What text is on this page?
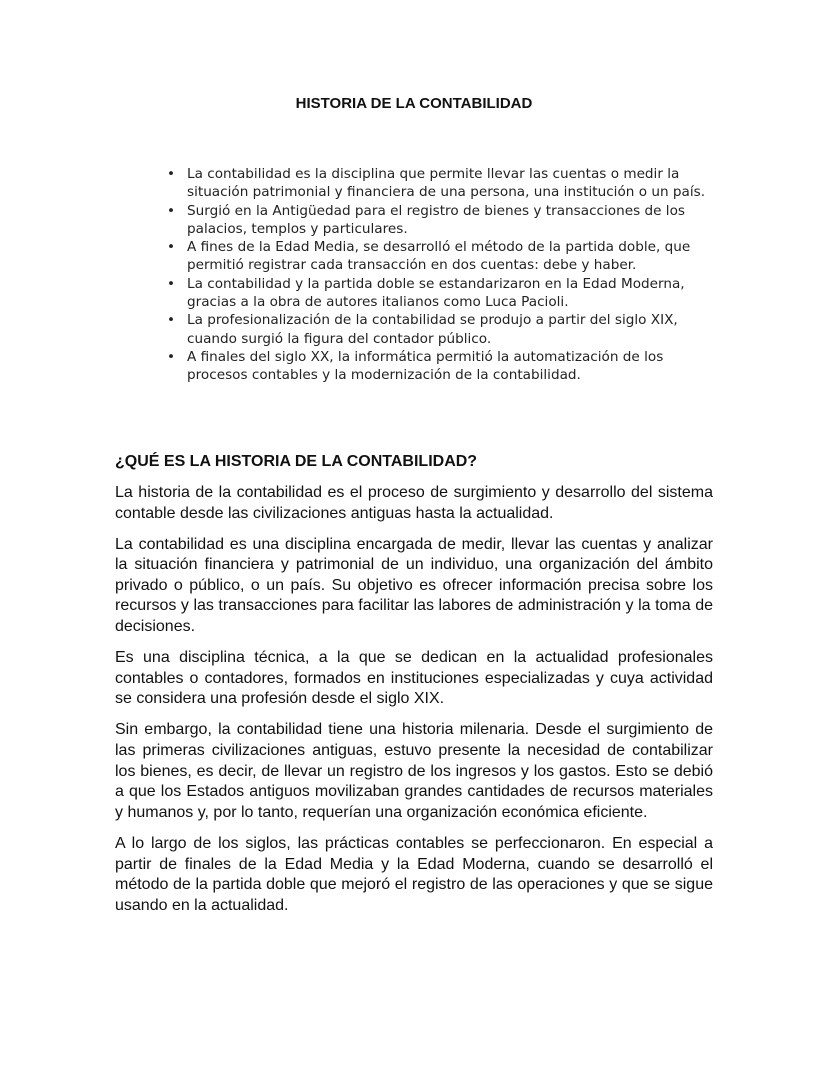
HISTORIA DE LA CONTABILIDAD
• La contabilidad es la disciplina que permite llevar las cuentas o medir la situación patrimonial y financiera de una persona, una institución o un país.
• Surgió en la Antigüedad para el registro de bienes y transacciones de los palacios, templos y particulares.
• A fines de la Edad Media, se desarrolló el método de la partida doble, que permitió registrar cada transacción en dos cuentas: debe y haber.
• La contabilidad y la partida doble se estandarizaron en la Edad Moderna, gracias a la obra de autores italianos como Luca Pacioli.
• La profesionalización de la contabilidad se produjo a partir del siglo XIX, cuando surgió la figura del contador público.
• A finales del siglo XX, la informática permitió la automatización de los procesos contables y la modernización de la contabilidad.
¿QUÉ ES LA HISTORIA DE LA CONTABILIDAD?

La historia de la contabilidad es el proceso de surgimiento y desarrollo del sistema
contable desde las civilizaciones antiguas hasta la actualidad.

La contabilidad es una disciplina encargada de medir, llevar las cuentas y analizar
la situación financiera y patrimonial de un individuo, una organización del ámbito
privado o público, o un país. Su objetivo es ofrecer información precisa sobre los
recursos y las transacciones para facilitar las labores de administración y la toma de
decisiones.

Es una disciplina técnica, a la que se dedican en la actualidad profesionales
contables o contadores, formados en instituciones especializadas y cuya actividad
se considera una profesión desde el siglo XIX.

Sin embargo, la contabilidad tiene una historia milenaria. Desde el surgimiento de
las primeras civilizaciones antiguas, estuvo presente la necesidad de contabilizar
los bienes, es decir, de llevar un registro de los ingresos y los gastos. Esto se debió
a que los Estados antiguos movilizaban grandes cantidades de recursos materiales
y humanos y, por lo tanto, requerían una organización económica eficiente.

A lo largo de los siglos, las prácticas contables se perfeccionaron. En especial a
partir de finales de la Edad Media y la Edad Moderna, cuando se desarrolló el
método de la partida doble que mejoró el registro de las operaciones y que se sigue
usando en la actualidad.
